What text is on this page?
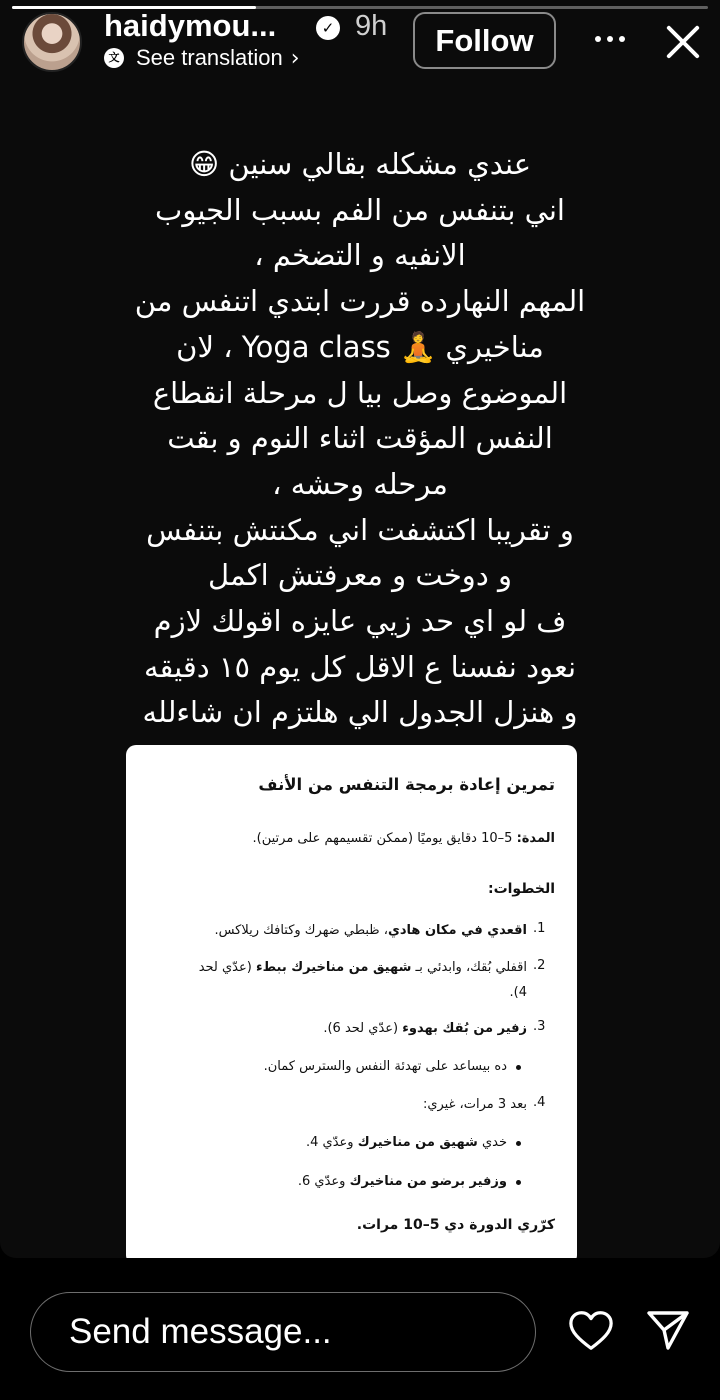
haidymou...	✓ 9h
文 See translation ›
Follow
عندي مشكله بقالي سنين 😁
اني بتنفس من الفم بسبب الجيوب
الانفيه و التضخم ،
المهم النهارده قررت ابتدي اتنفس من
مناخيري 🧘 Yoga class ، لان
الموضوع وصل بيا ل مرحلة انقطاع
النفس المؤقت اثناء النوم و بقت
مرحله وحشه ،
و تقريبا اكتشفت اني مكنتش بتنفس
و دوخت و معرفتش اكمل
ف لو اي حد زيي عايزه اقولك لازم
نعود نفسنا ع الاقل كل يوم ١٥ دقيقه
و هنزل الجدول الي هلتزم ان شاءلله
تمرين إعادة برمجة التنفس من الأنف
المدة: 5–10 دقايق يوميًا (ممكن تقسيمهم على مرتين).
الخطوات:
1.
اقعدي في مكان هادي، ظبطي ضهرك وكتافك ريلاكس.
2.
اقفلي بُقك، وابدئي بـ شهيق من مناخيرك ببطء (عدّي لحد
4).
3.
زفير من بُقك بهدوء (عدّي لحد 6).
ده بيساعد على تهدئة النفس والسترس كمان.
4.
بعد 3 مرات، غيري:
خدي شهيق من مناخيرك وعدّي 4.
وزفير برضو من مناخيرك وعدّي 6.
كرّري الدورة دي 5–10 مرات.
Send message...
